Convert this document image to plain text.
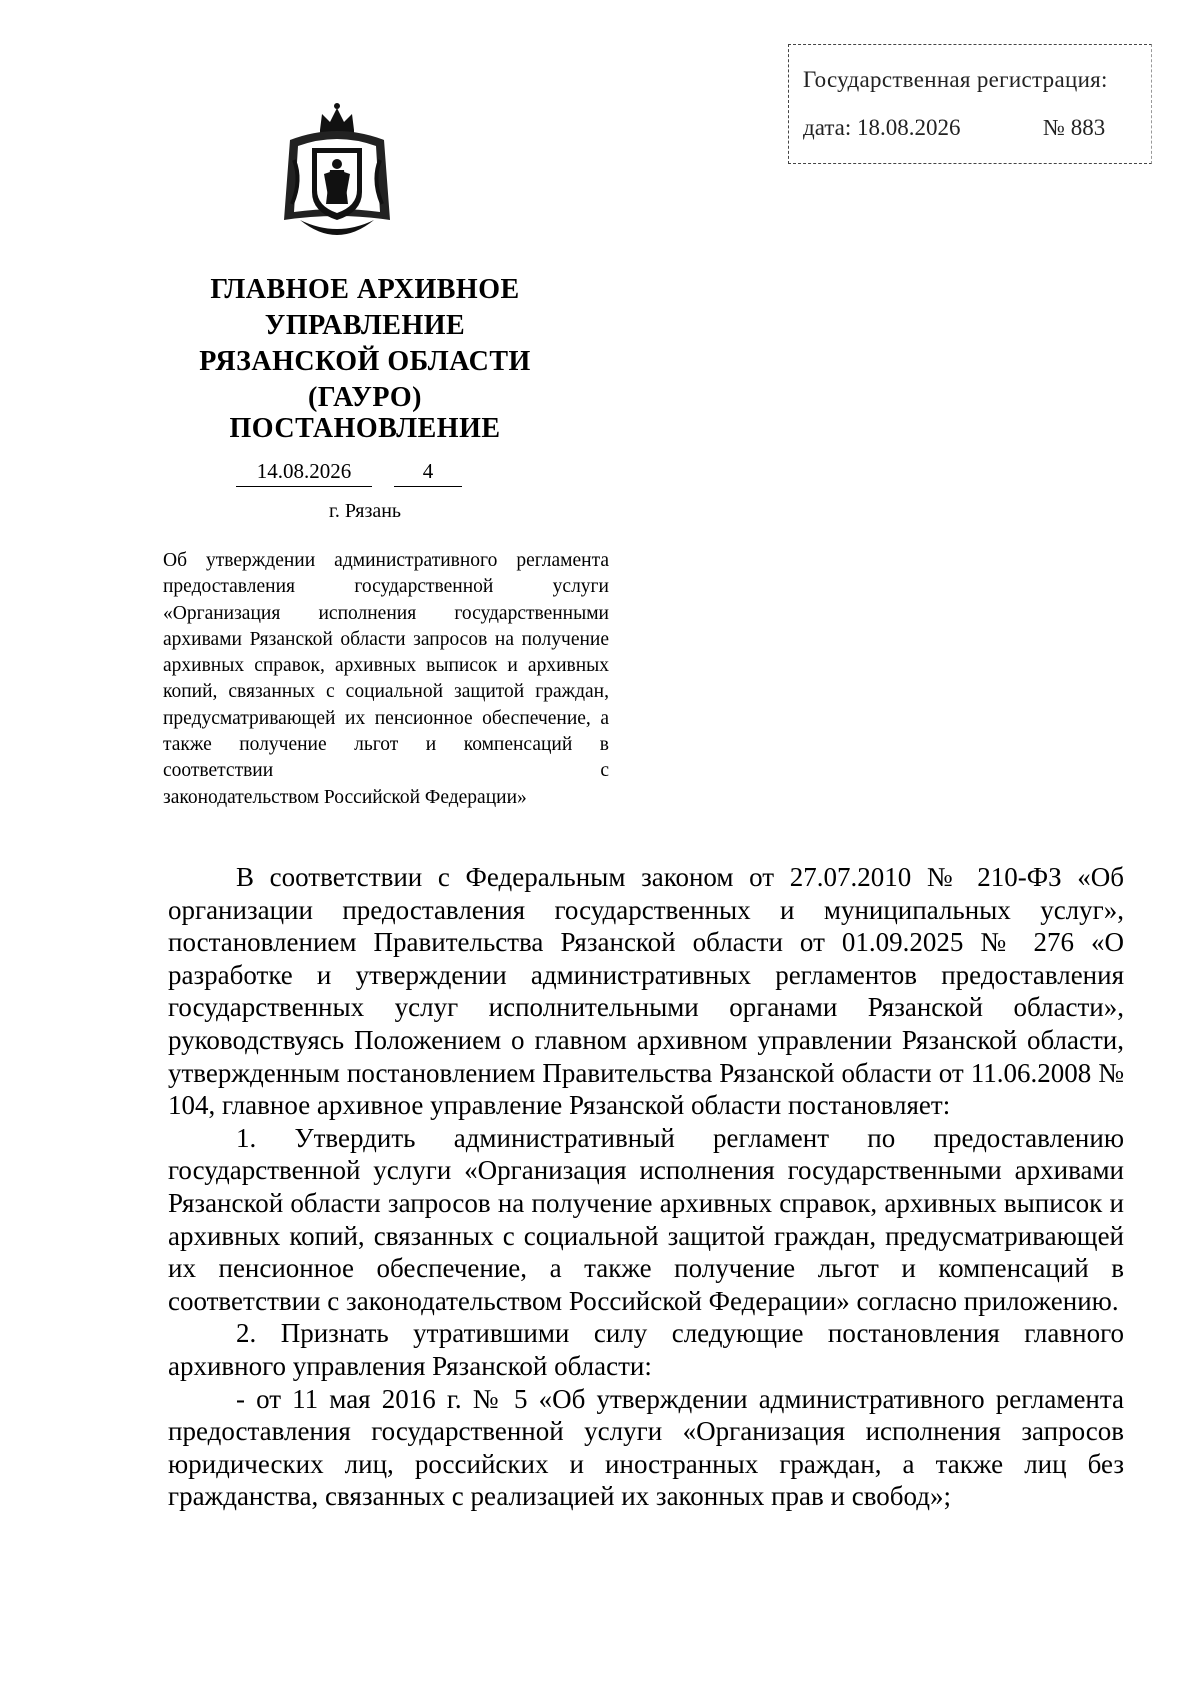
Государственная регистрация:
дата: 18.08.2026	№ 883
ГЛАВНОЕ АРХИВНОЕ
УПРАВЛЕНИЕ
РЯЗАНСКОЙ ОБЛАСТИ
(ГАУРО)
ПОСТАНОВЛЕНИЕ
14.08.2026	4
г. Рязань
Об утверждении административного регламента предоставления государственной услуги «Организация исполнения государственными архивами Рязанской области запросов на получение архивных справок, архивных выписок и архивных копий, связанных с социальной защитой граждан, предусматривающей их пенсионное обеспечение, а также получение льгот и компенсаций в соответствии с
законодательством Российской Федерации»

В соответствии с Федеральным законом от 27.07.2010 № 210-ФЗ «Об организации предоставления государственных и муниципальных услуг», постановлением Правительства Рязанской области от 01.09.2025 № 276 «О разработке и утверждении административных регламентов предоставления государственных услуг исполнительными органами Рязанской области», руководствуясь Положением о главном архивном управлении Рязанской области, утвержденным постановлением Правительства Рязанской области от 11.06.2008 № 104, главное архивное управление Рязанской области постановляет:

1. Утвердить административный регламент по предоставлению государственной услуги «Организация исполнения государственными архивами Рязанской области запросов на получение архивных справок, архивных выписок и архивных копий, связанных с социальной защитой граждан, предусматривающей их пенсионное обеспечение, а также получение льгот и компенсаций в соответствии с законодательством Российской Федерации» согласно приложению.

2. Признать утратившими силу следующие постановления главного архивного управления Рязанской области:

- от 11 мая 2016 г. № 5 «Об утверждении административного регламента предоставления государственной услуги «Организация исполнения запросов юридических лиц, российских и иностранных граждан, а также лиц без гражданства, связанных с реализацией их законных прав и свобод»;
